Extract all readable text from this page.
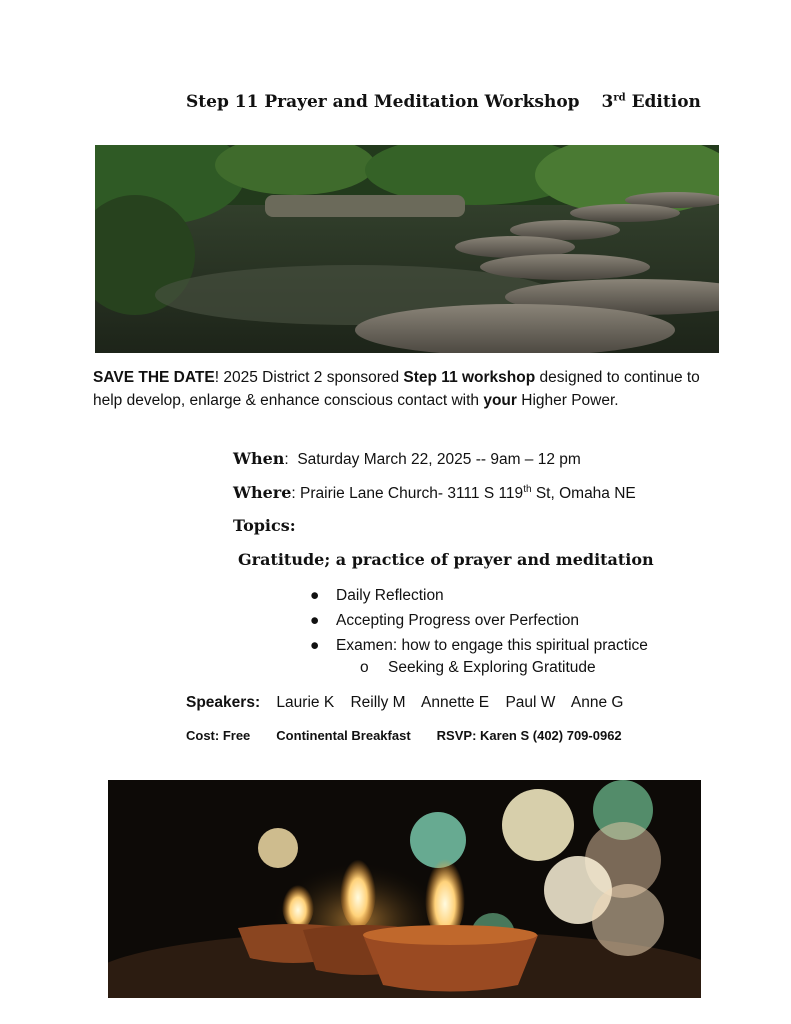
Step 11 Prayer and Meditation Workshop 3rd Edition
SAVE THE DATE! 2025 District 2 sponsored Step 11 workshop designed to continue to help develop, enlarge & enhance conscious contact with your Higher Power.
When:  Saturday March 22, 2025 -- 9am – 12 pm
Where: Prairie Lane Church- 3111 S 119th St, Omaha NE
Topics:
Gratitude; a practice of prayer and meditation
● Daily Reflection
● Accepting Progress over Perfection
● Examen: how to engage this spiritual practice
o Seeking & Exploring Gratitude
Speakers: Laurie K Reilly M Annette E Paul W Anne G
Cost: Free Continental Breakfast RSVP: Karen S (402) 709-0962
